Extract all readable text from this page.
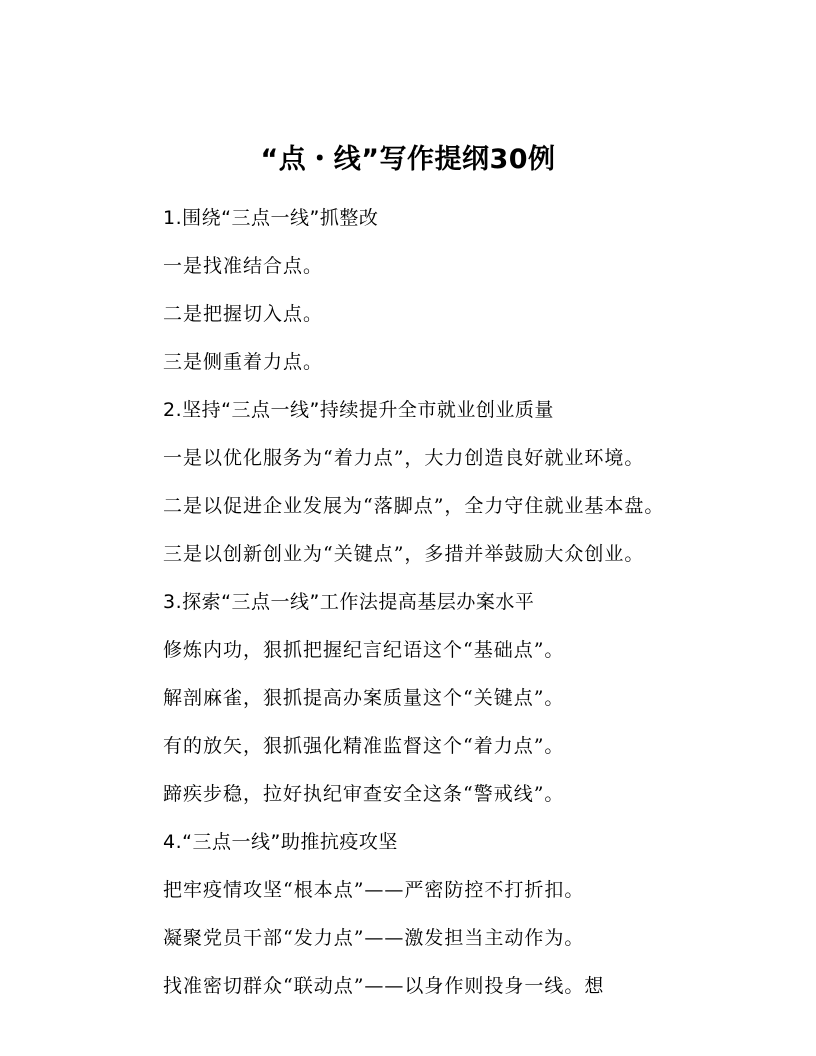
“点・线”写作提纲30例
1.围绕“三点一线”抓整改
一是找准结合点。
二是把握切入点。
三是侧重着力点。
2.坚持“三点一线”持续提升全市就业创业质量
一是以优化服务为“着力点”，大力创造良好就业环境。
二是以促进企业发展为“落脚点”，全力守住就业基本盘。
三是以创新创业为“关键点”，多措并举鼓励大众创业。
3.探索“三点一线”工作法提高基层办案水平
修炼内功，狠抓把握纪言纪语这个“基础点”。
解剖麻雀，狠抓提高办案质量这个“关键点”。
有的放矢，狠抓强化精准监督这个“着力点”。
蹄疾步稳，拉好执纪审查安全这条“警戒线”。
4.“三点一线”助推抗疫攻坚
把牢疫情攻坚“根本点”——严密防控不打折扣。
凝聚党员干部“发力点”——激发担当主动作为。
找准密切群众“联动点”——以身作则投身一线。想
